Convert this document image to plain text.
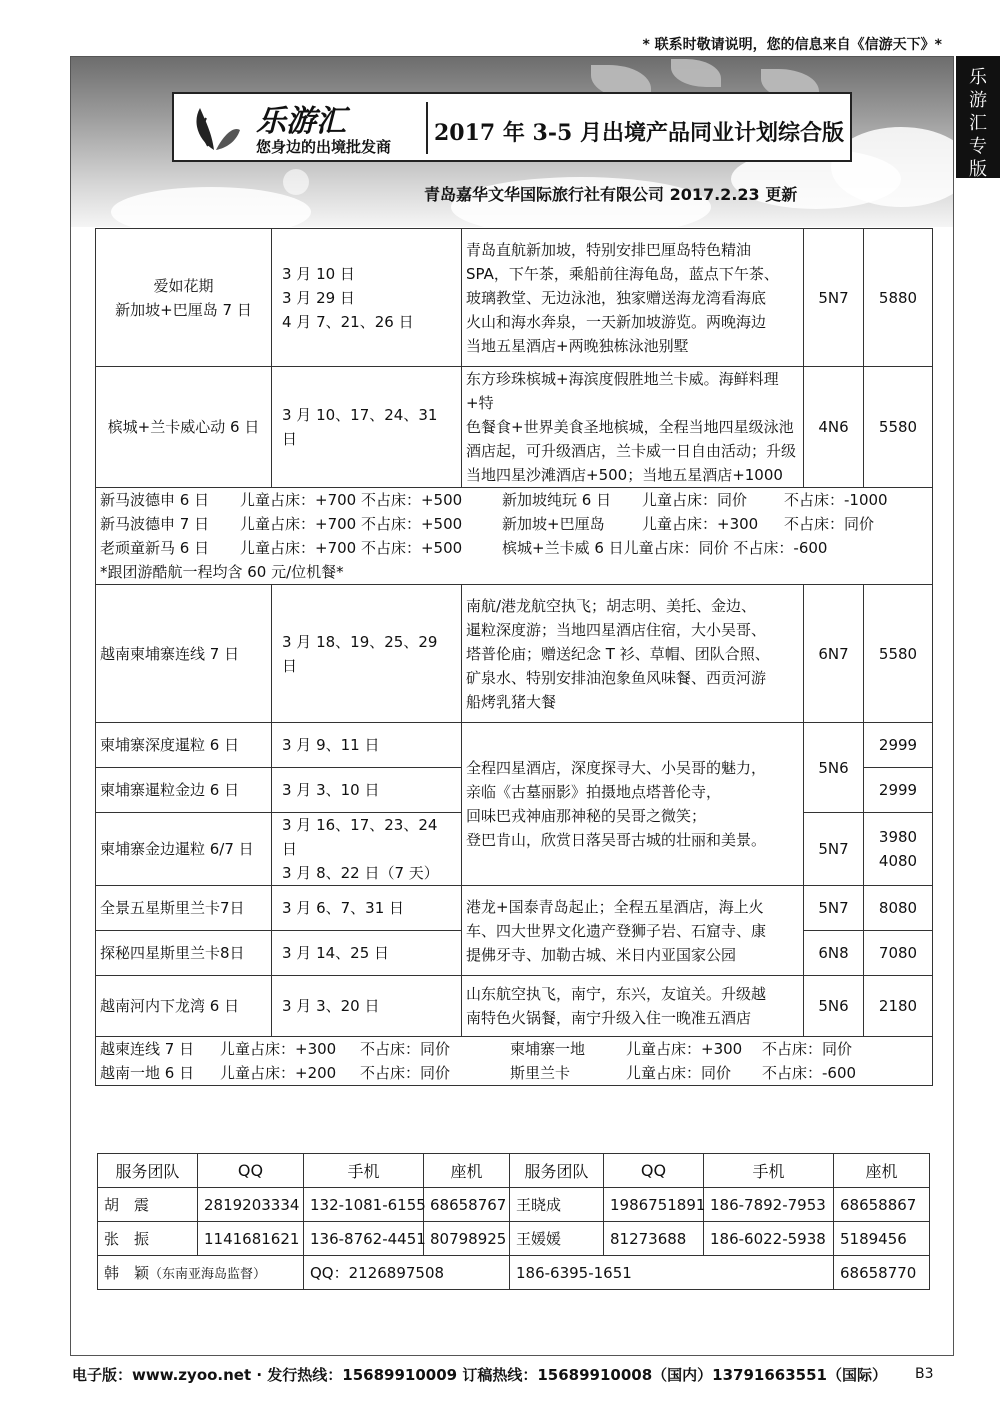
* 联系时敬请说明，您的信息来自《信游天下》*
乐
游
汇
专
版
乐游汇
您身边的出境批发商
2017 年 3-5 月出境产品同业计划综合版
青岛嘉华文华国际旅行社有限公司 2017.2.23 更新
爱如花期
新加坡+巴厘岛 7 日	3 月 10 日
3 月 29 日
4 月 7、21、26 日	青岛直航新加坡，特别安排巴厘岛特色精油
SPA，下午茶，乘船前往海龟岛，蓝点下午茶、
玻璃教堂、无边泳池，独家赠送海龙湾看海底
火山和海水奔泉，一天新加坡游览。两晚海边
当地五星酒店+两晚独栋泳池别墅	5N7	5880
槟城+兰卡威心动 6 日	3 月 10、17、24、31 日	东方珍珠槟城+海滨度假胜地兰卡威。海鲜料理+特
色餐食+世界美食圣地槟城，全程当地四星级泳池
酒店起，可升级酒店，兰卡威一日自由活动；升级
当地四星沙滩酒店+500；当地五星酒店+1000	4N6	5580

新马波德申 6 日 儿童占床：+700 不占床：+500 新加坡纯玩 6 日 儿童占床：同价 不占床：-1000
新马波德申 7 日 儿童占床：+700 不占床：+500 新加坡+巴厘岛 儿童占床：+300 不占床：同价
老顽童新马 6 日 儿童占床：+700 不占床：+500 槟城+兰卡威 6 日儿童占床：同价 不占床：-600
*跟团游酷航一程均含 60 元/位机餐*				

越南柬埔寨连线 7 日	3 月 18、19、25、29 日	南航/港龙航空执飞；胡志明、美托、金边、
暹粒深度游；当地四星酒店住宿，大小吴哥、
塔普伦庙；赠送纪念 T 衫、草帽、团队合照、
矿泉水、特别安排油泡象鱼风味餐、西贡河游
船烤乳猪大餐	6N7	5580
柬埔寨深度暹粒 6 日	3 月 9、11 日	全程四星酒店，深度探寻大、小吴哥的魅力，
亲临《古墓丽影》拍摄地点塔普伦寺，
回味巴戎神庙那神秘的吴哥之微笑；
登巴肯山，欣赏日落吴哥古城的壮丽和美景。	5N6	2999
柬埔寨暹粒金边 6 日	3 月 3、10 日			2999
柬埔寨金边暹粒 6/7 日	3 月 16、17、23、24 日
3 月 8、22 日（7 天）		5N7	3980
4080
全景五星斯里兰卡7日	3 月 6、7、31 日	港龙+国泰青岛起止；全程五星酒店，海上火
车、四大世界文化遗产登狮子岩、石窟寺、康
提佛牙寺、加勒古城、米日内亚国家公园	5N7	8080
探秘四星斯里兰卡8日	3 月 14、25 日		6N8	7080
越南河内下龙湾 6 日	3 月 3、20 日	山东航空执飞，南宁，东兴，友谊关。升级越
南特色火锅餐，南宁升级入住一晚准五酒店	5N6	2180

越柬连线 7 日 儿童占床：+300 不占床：同价 柬埔寨一地 儿童占床：+300 不占床：同价
越南一地 6 日 儿童占床：+200 不占床：同价 斯里兰卡 儿童占床：同价 不占床：-600				
服务团队	QQ	手机	座机	服务团队	QQ	手机	座机
胡　震	2819203334	132-1081-6155	68658767	王晓成	1986751891	186-7892-7953	68658867
张　振	1141681621	136-8762-4451	80798925	王媛媛	81273688	186-6022-5938	5189456
韩　颖（东南亚海岛监督）		QQ：2126897508		186-6395-1651			68658770
电子版：www.zyoo.net · 发行热线：15689910009 订稿热线：15689910008（国内）13791663551（国际） B3
